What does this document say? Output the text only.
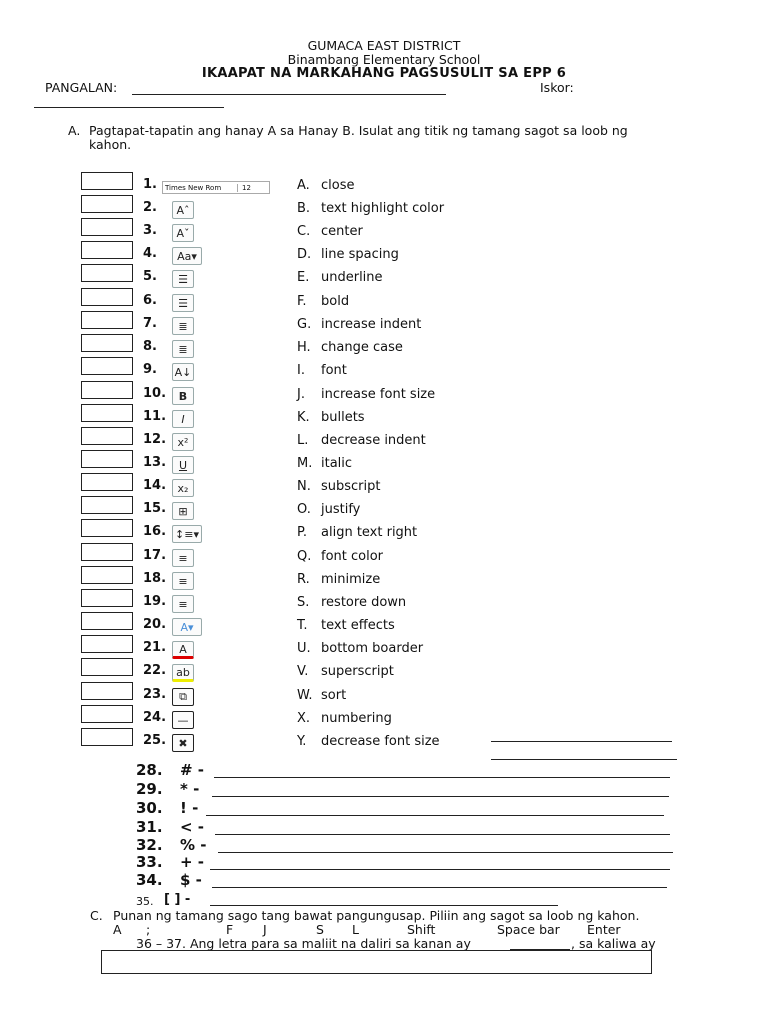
GUMACA EAST DISTRICT
Binambang Elementary School
IKAAPAT NA MARKAHANG PAGSUSULIT SA EPP 6
PANGALAN:	Iskor:
A. Pagtapat-tapatin ang hanay A sa Hanay B. Isulat ang titik ng tamang sagot sa loob ng
kahon.
1. Times New Rom	12
2.	Aˆ
3.	Aˇ
4.	Aa▾
5.	☰
6.	☰
7.	≣
8.	≣
9. A↓
10.	B
11.	I
12.	x²
13.	U
14.	x₂
15.	⊞
16. ↕≡▾
17.	≡
18.	≡
19.	≡
20.	A▾
21.	A
22. ab
23.	⧉
24.	—
25.	✖
A. close
B. text highlight color
C. center
D. line spacing
E. underline
F. bold
G. increase indent
H. change case
I. font
J. increase font size
K. bullets
L. decrease indent
M. italic
N. subscript
O. justify
P. align text right
Q. font color
R. minimize
S. restore down
T. text effects
U. bottom boarder
V. superscript
W. sort
X. numbering
Y. decrease font size
28. # -
29. * -
30. ! -
31. < -
32. % -
33. + -
34. $ -
35. [ ] -
C. Punan ng tamang sago tang bawat pangungusap. Piliin ang sagot sa loob ng kahon.
A ;	F J	S L	Shift	Space bar Enter
36 – 37. Ang letra para sa maliit na daliri sa kanan ay	, sa kaliwa ay
